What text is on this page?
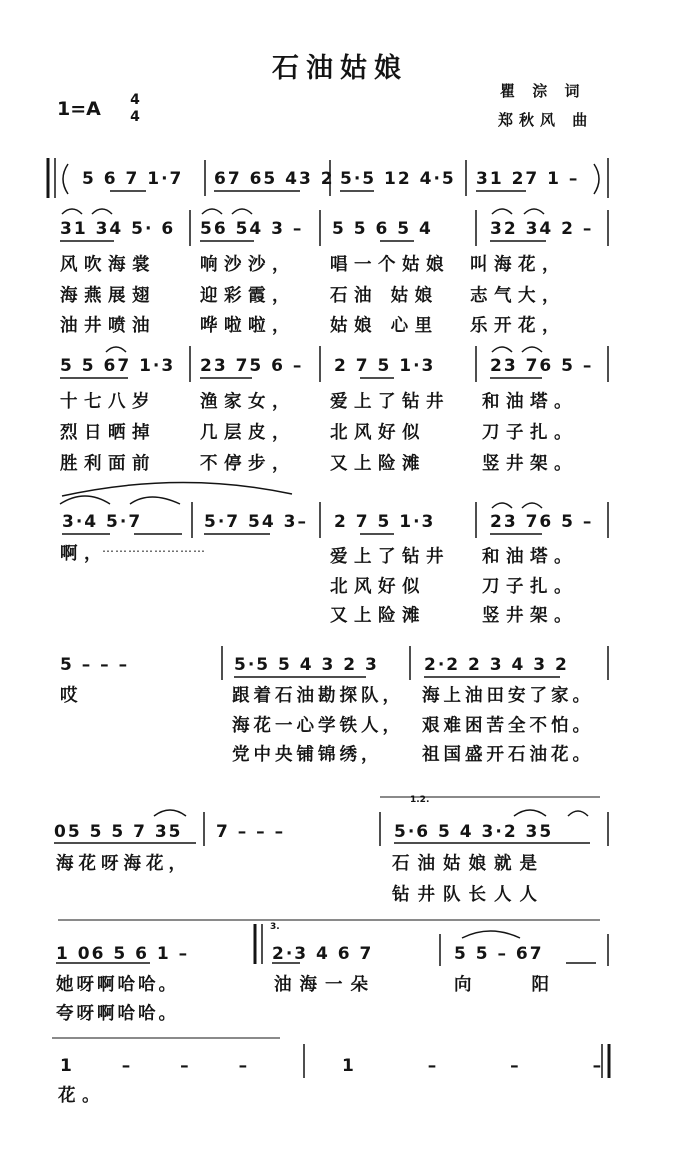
石油姑娘
瞿 淙 词
郑秋风 曲
1=A 4
4
5 6 7 1·7 67 65 43 2 5·5 12 4·5 31 27 1 –
31 34 5· 6 56 54 3 – 5 5 6 5 4	32 34 2 –
风吹海裳	响沙沙， 唱一个姑娘 叫海花，
海燕展翅	迎彩霞， 石油 姑娘 志气大，
油井喷油	哗啦啦， 姑娘 心里 乐开花，
5 5 67 1·3 23 75 6 – 2 7 5 1·3	23 76 5 –
十七八岁	渔家女， 爱上了钻井 和油塔。
烈日晒掉	几层皮， 北风好似	刀子扎。
胜利面前	不停步， 又上险滩	竖井架。
3·4 5·7	5·7 54 3– 2 7 5 1·3	23 76 5 –
啊，
……………………	爱上了钻井 和油塔。
北风好似	刀子扎。
又上险滩	竖井架。
5 – – –	5·5 5 4 3 2 3	2·2 2 3 4 3 2
哎	跟着石油勘探队， 海上油田安了家。
海花一心学铁人， 艰难困苦全不怕。
党中央铺锦绣， 祖国盛开石油花。
1.2.
05 5 5 7 35 7 – – –	5·6 5 4 3·2 35
海花呀海花，	石油姑娘就是
钻井队长人人
3.
1 06 5 6 1 –	2·3 4 6 7	5 5 – 67
她呀啊哈哈。	油海一朵	向阳
夸呀啊哈哈。
1 – – –	1 – – –
花。
